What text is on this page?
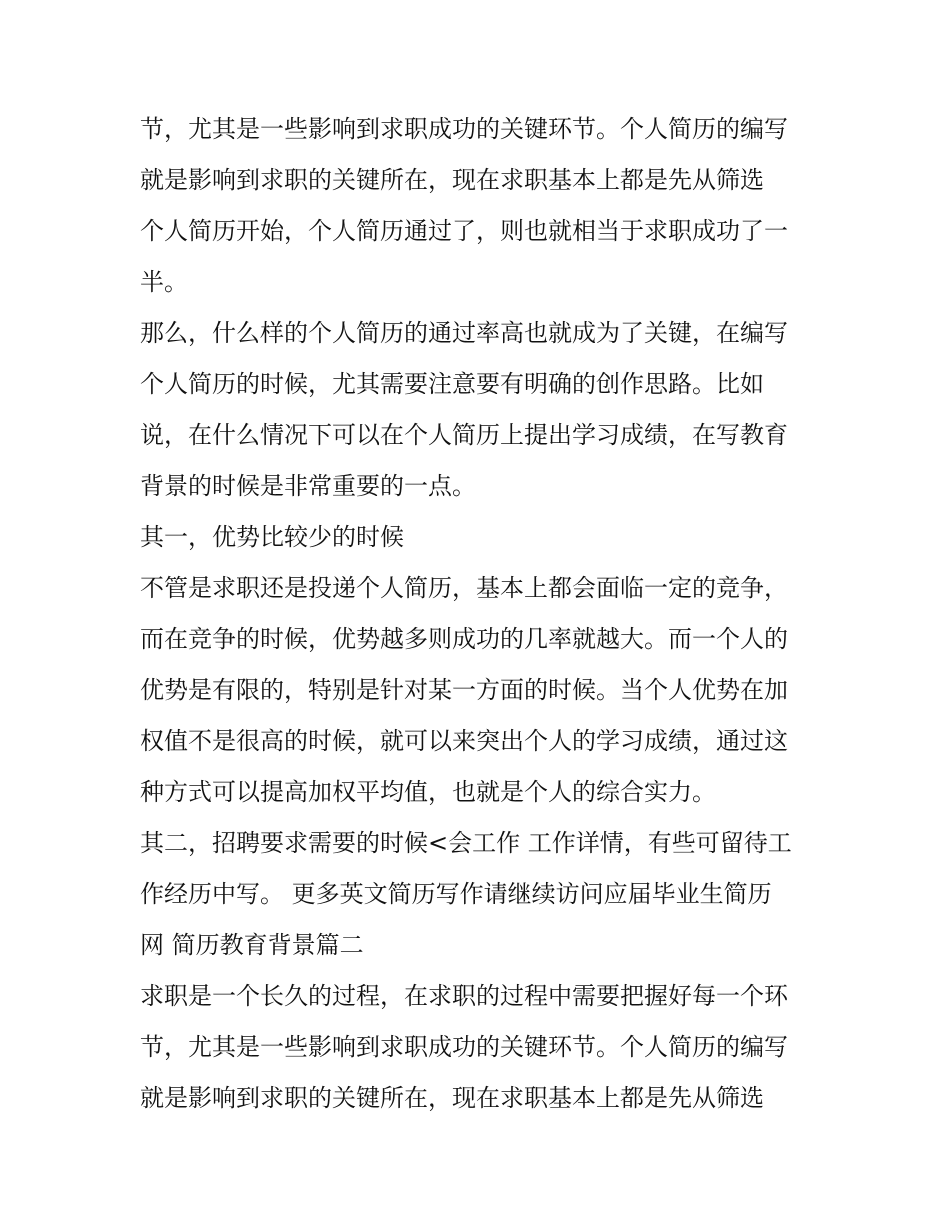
节，尤其是一些影响到求职成功的关键环节。个人简历的编写

就是影响到求职的关键所在，现在求职基本上都是先从筛选

个人简历开始，个人简历通过了，则也就相当于求职成功了一

半。

那么，什么样的个人简历的通过率高也就成为了关键，在编写

个人简历的时候，尤其需要注意要有明确的创作思路。比如

说，在什么情况下可以在个人简历上提出学习成绩，在写教育

背景的时候是非常重要的一点。

其一，优势比较少的时候

不管是求职还是投递个人简历，基本上都会面临一定的竞争，

而在竞争的时候，优势越多则成功的几率就越大。而一个人的

优势是有限的，特别是针对某一方面的时候。当个人优势在加

权值不是很高的时候，就可以来突出个人的学习成绩，通过这

种方式可以提高加权平均值，也就是个人的综合实力。

其二，招聘要求需要的时候<会工作 工作详情，有些可留待工

作经历中写。 更多英文简历写作请继续访问应届毕业生简历

网 简历教育背景篇二

求职是一个长久的过程，在求职的过程中需要把握好每一个环

节，尤其是一些影响到求职成功的关键环节。个人简历的编写

就是影响到求职的关键所在，现在求职基本上都是先从筛选
